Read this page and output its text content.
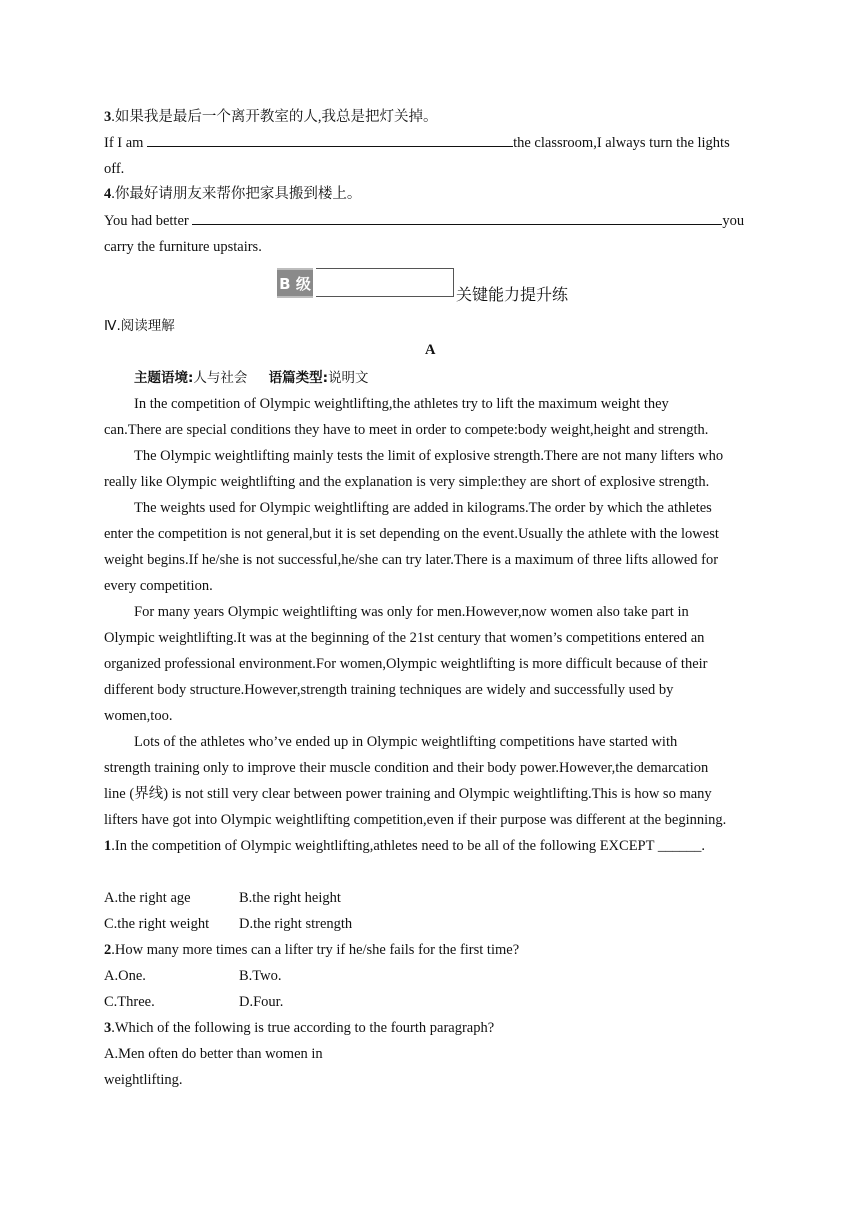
3.如果我是最后一个离开教室的人,我总是把灯关掉。
If I am	the classroom,I always turn the lights
off.
4.你最好请朋友来帮你把家具搬到楼上。
You had better	you
carry the furniture upstairs.
B 级
关键能力提升练
Ⅳ.阅读理解
A
主题语境:人与社会 语篇类型:说明文
In the competition of Olympic weightlifting,the athletes try to lift the maximum weight they
can.There are special conditions they have to meet in order to compete:body weight,height and strength.
The Olympic weightlifting mainly tests the limit of explosive strength.There are not many lifters who
really like Olympic weightlifting and the explanation is very simple:they are short of explosive strength.
The weights used for Olympic weightlifting are added in kilograms.The order by which the athletes
enter the competition is not general,but it is set depending on the event.Usually the athlete with the lowest
weight begins.If he/she is not successful,he/she can try later.There is a maximum of three lifts allowed for
every competition.
For many years Olympic weightlifting was only for men.However,now women also take part in
Olympic weightlifting.It was at the beginning of the 21st century that women’s competitions entered an
organized professional environment.For women,Olympic weightlifting is more difficult because of their
different body structure.However,strength training techniques are widely and successfully used by
women,too.
Lots of the athletes who’ve ended up in Olympic weightlifting competitions have started with
strength training only to improve their muscle condition and their body power.However,the demarcation
line (界线) is not still very clear between power training and Olympic weightlifting.This is how so many
lifters have got into Olympic weightlifting competition,even if their purpose was different at the beginning.
1.In the competition of Olympic weightlifting,athletes need to be all of the following EXCEPT ______.
A.the right age	B.the right height
C.the right weight D.the right strength
2.How many more times can a lifter try if he/she fails for the first time?
A.One.	B.Two.
C.Three.	D.Four.
3.Which of the following is true according to the fourth paragraph?
A.Men often do better than women in
weightlifting.
